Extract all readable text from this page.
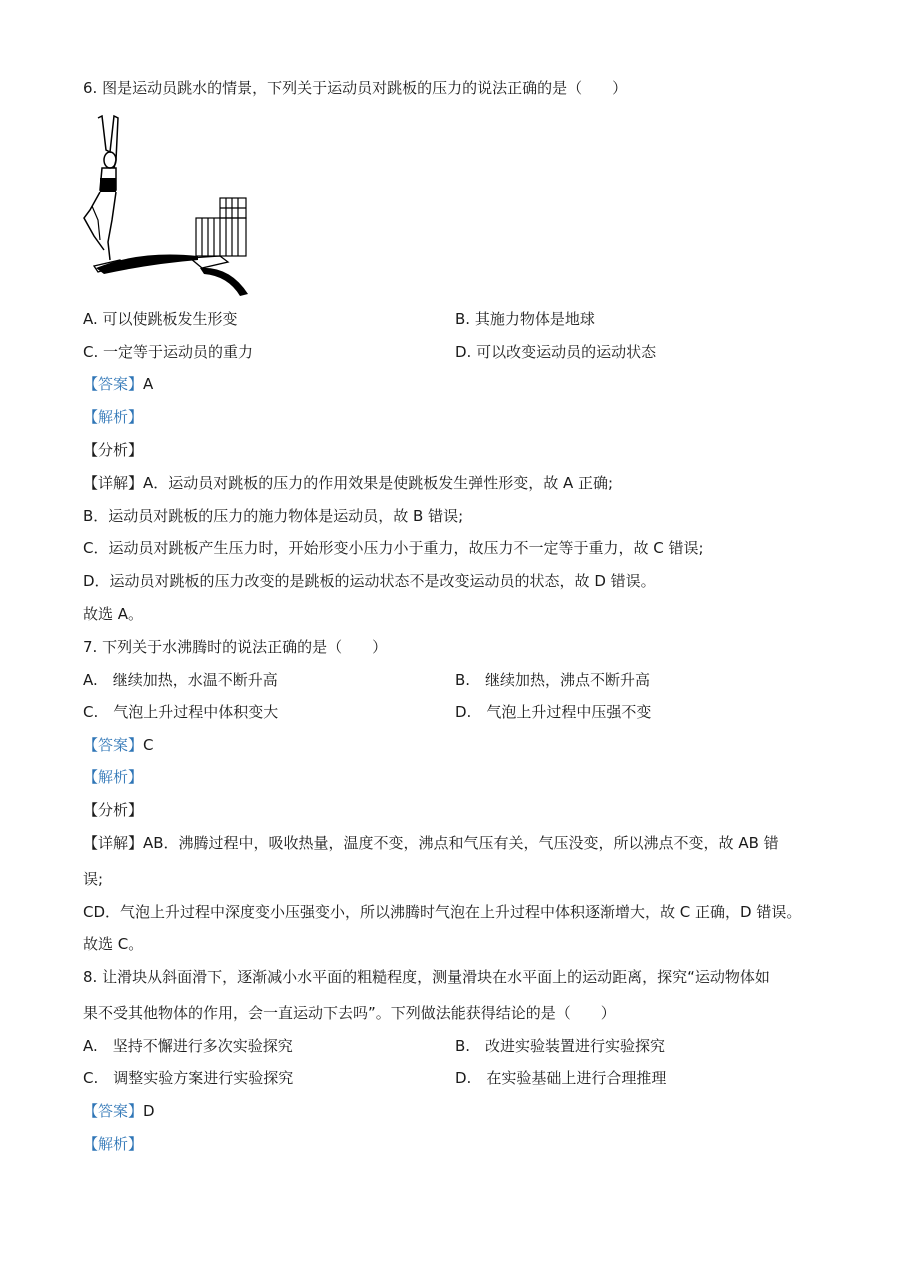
6. 图是运动员跳水的情景，下列关于运动员对跳板的压力的说法正确的是（　　）
A. 可以使跳板发生形变	B. 其施力物体是地球
C. 一定等于运动员的重力	D. 可以改变运动员的运动状态
【答案】A
【解析】
【分析】
【详解】A．运动员对跳板的压力的作用效果是使跳板发生弹性形变，故 A 正确;
B．运动员对跳板的压力的施力物体是运动员，故 B 错误;
C．运动员对跳板产生压力时，开始形变小压力小于重力，故压力不一定等于重力，故 C 错误;
D．运动员对跳板的压力改变的是跳板的运动状态不是改变运动员的状态，故 D 错误。
故选 A。
7. 下列关于水沸腾时的说法正确的是（　　）
A.　继续加热，水温不断升高	B.　继续加热，沸点不断升高
C.　气泡上升过程中体积变大	D.　气泡上升过程中压强不变
【答案】C
【解析】
【分析】
【详解】AB．沸腾过程中，吸收热量，温度不变，沸点和气压有关，气压没变，所以沸点不变，故 AB 错
误;
CD．气泡上升过程中深度变小压强变小，所以沸腾时气泡在上升过程中体积逐渐增大，故 C 正确，D 错误。
故选 C。
8. 让滑块从斜面滑下，逐渐减小水平面的粗糙程度，测量滑块在水平面上的运动距离，探究“运动物体如
果不受其他物体的作用，会一直运动下去吗”。下列做法能获得结论的是（　　）
A.　坚持不懈进行多次实验探究	B.　改进实验装置进行实验探究
C.　调整实验方案进行实验探究	D.　在实验基础上进行合理推理
【答案】D
【解析】
